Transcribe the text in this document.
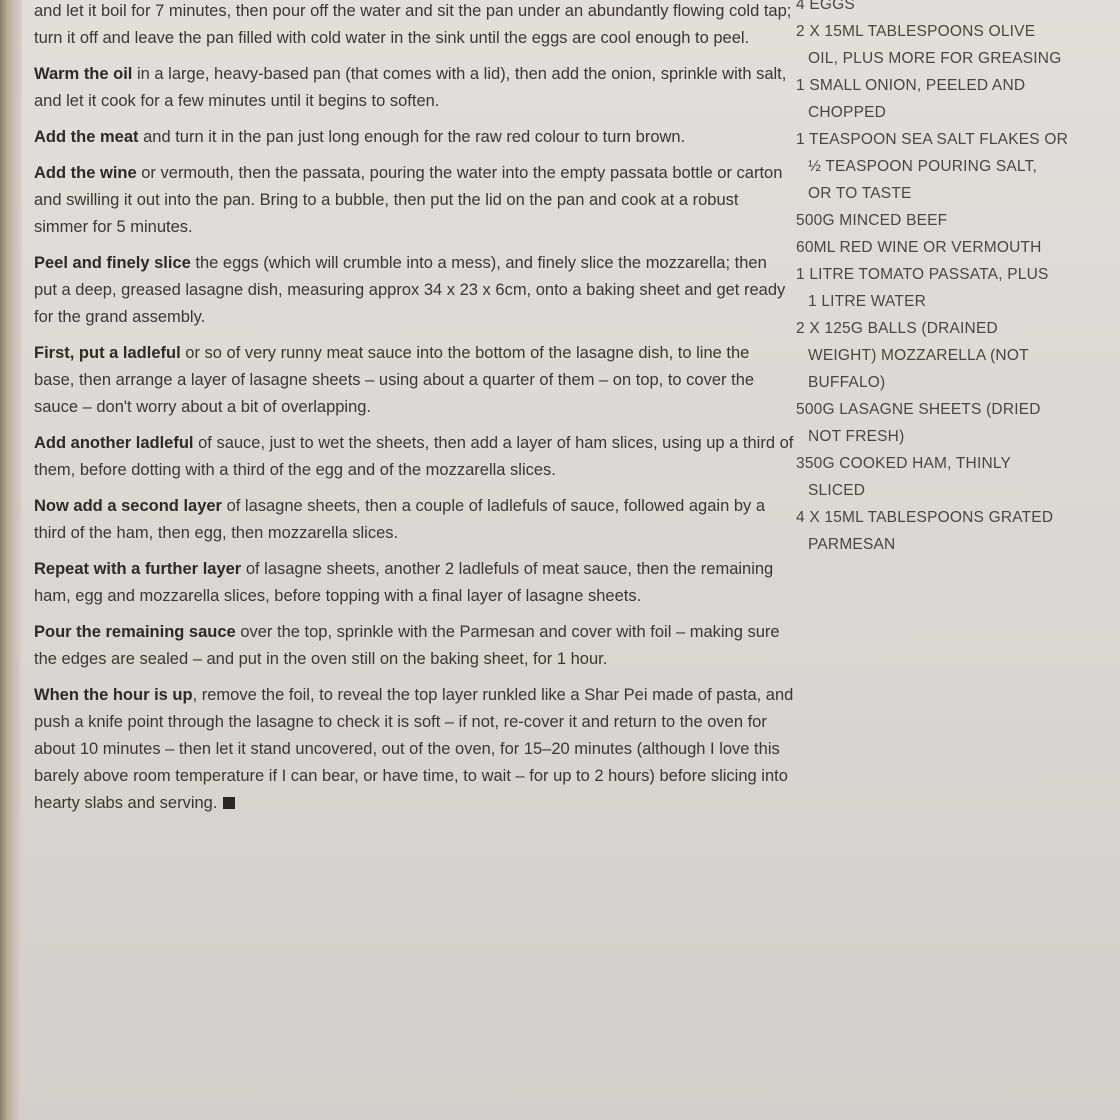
and let it boil for 7 minutes, then pour off the water and sit the pan under an abundantly flowing cold tap; turn it off and leave the pan filled with cold water in the sink until the eggs are cool enough to peel.

Warm the oil in a large, heavy-based pan (that comes with a lid), then add the onion, sprinkle with salt, and let it cook for a few minutes until it begins to soften.

Add the meat and turn it in the pan just long enough for the raw red colour to turn brown.

Add the wine or vermouth, then the passata, pouring the water into the empty passata bottle or carton and swilling it out into the pan. Bring to a bubble, then put the lid on the pan and cook at a robust simmer for 5 minutes.

Peel and finely slice the eggs (which will crumble into a mess), and finely slice the mozzarella; then put a deep, greased lasagne dish, measuring approx 34 x 23 x 6cm, onto a baking sheet and get ready for the grand assembly.

First, put a ladleful or so of very runny meat sauce into the bottom of the lasagne dish, to line the base, then arrange a layer of lasagne sheets – using about a quarter of them – on top, to cover the sauce – don't worry about a bit of overlapping.

Add another ladleful of sauce, just to wet the sheets, then add a layer of ham slices, using up a third of them, before dotting with a third of the egg and of the mozzarella slices.

Now add a second layer of lasagne sheets, then a couple of ladlefuls of sauce, followed again by a third of the ham, then egg, then mozzarella slices.

Repeat with a further layer of lasagne sheets, another 2 ladlefuls of meat sauce, then the remaining ham, egg and mozzarella slices, before topping with a final layer of lasagne sheets.

Pour the remaining sauce over the top, sprinkle with the Parmesan and cover with foil – making sure the edges are sealed – and put in the oven still on the baking sheet, for 1 hour.

When the hour is up, remove the foil, to reveal the top layer runkled like a Shar Pei made of pasta, and push a knife point through the lasagne to check it is soft – if not, re-cover it and return to the oven for about 10 minutes – then let it stand uncovered, out of the oven, for 15–20 minutes (although I love this barely above room temperature if I can bear, or have time, to wait – for up to 2 hours) before slicing into hearty slabs and serving.

4 EGGS
2 X 15ML TABLESPOONS OLIVE
OIL, PLUS MORE FOR GREASING
1 SMALL ONION, PEELED AND
CHOPPED
1 TEASPOON SEA SALT FLAKES OR
½ TEASPOON POURING SALT,
OR TO TASTE
500G MINCED BEEF
60ML RED WINE OR VERMOUTH
1 LITRE TOMATO PASSATA, PLUS
1 LITRE WATER
2 X 125G BALLS (DRAINED
WEIGHT) MOZZARELLA (NOT
BUFFALO)
500G LASAGNE SHEETS (DRIED
NOT FRESH)
350G COOKED HAM, THINLY
SLICED
4 X 15ML TABLESPOONS GRATED
PARMESAN
